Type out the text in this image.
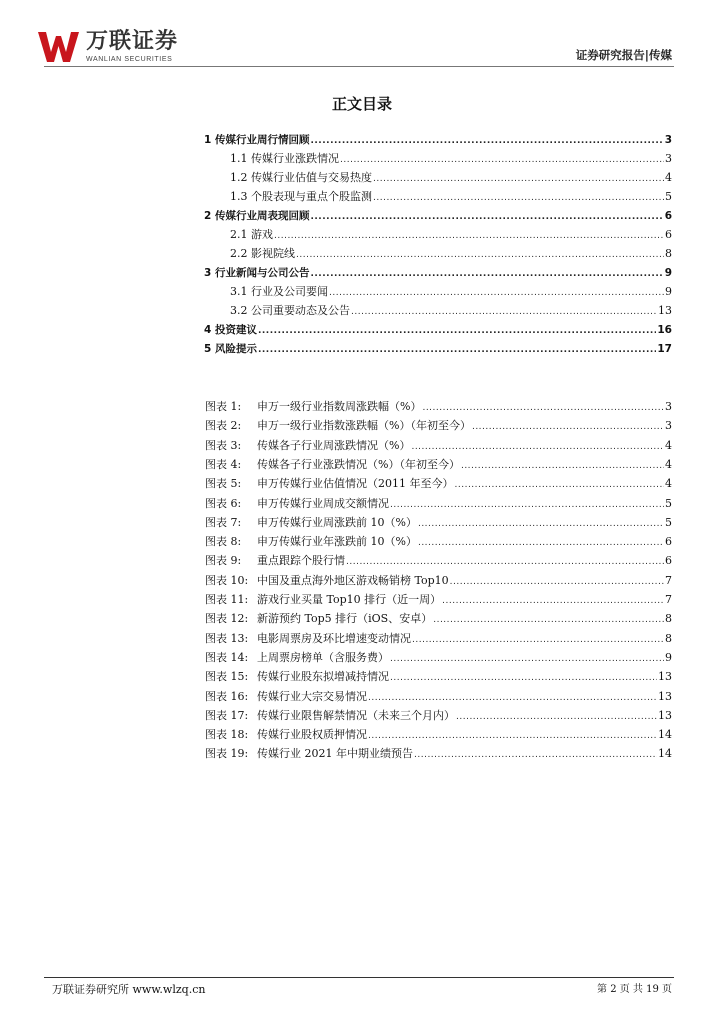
万联证券
WANLIAN SECURITIES	证券研究报告|传媒
正文目录
1 传媒行业周行情回顾 .....	3
1.1 传媒行业涨跌情况 .....	3
1.2 传媒行业估值与交易热度 .....	4
1.3 个股表现与重点个股监测 .....	5
2 传媒行业周表现回顾 .....	6
2.1 游戏 .....	6
2.2 影视院线 .....	8
3 行业新闻与公司公告 .....	9
3.1 行业及公司要闻 .....	9
3.2 公司重要动态及公告 .....	13
4 投资建议 .....	16
5 风险提示 .....	17
图表 1: 申万一级行业指数周涨跌幅（%） .....	3
图表 2: 申万一级行业指数涨跌幅（%）（年初至今） .....	3
图表 3: 传媒各子行业周涨跌情况（%） .....	4
图表 4: 传媒各子行业涨跌情况（%）（年初至今） .....	4
图表 5: 申万传媒行业估值情况（2011 年至今） .....	4
图表 6: 申万传媒行业周成交额情况 .....	5
图表 7: 申万传媒行业周涨跌前 10（%） .....	5
图表 8: 申万传媒行业年涨跌前 10（%） .....	6
图表 9: 重点跟踪个股行情 .....	6
图表 10: 中国及重点海外地区游戏畅销榜 Top10 .....	7
图表 11: 游戏行业买量 Top10 排行（近一周） .....	7
图表 12: 新游预约 Top5 排行（iOS、安卓） .....	8
图表 13: 电影周票房及环比增速变动情况 .....	8
图表 14: 上周票房榜单（含服务费） .....	9
图表 15: 传媒行业股东拟增减持情况 .....	13
图表 16: 传媒行业大宗交易情况 .....	13
图表 17: 传媒行业限售解禁情况（未来三个月内） .....	13
图表 18: 传媒行业股权质押情况 .....	14
图表 19: 传媒行业 2021 年中期业绩预告 .....	14
万联证券研究所 www.wlzq.cn	第 2 页 共 19 页
